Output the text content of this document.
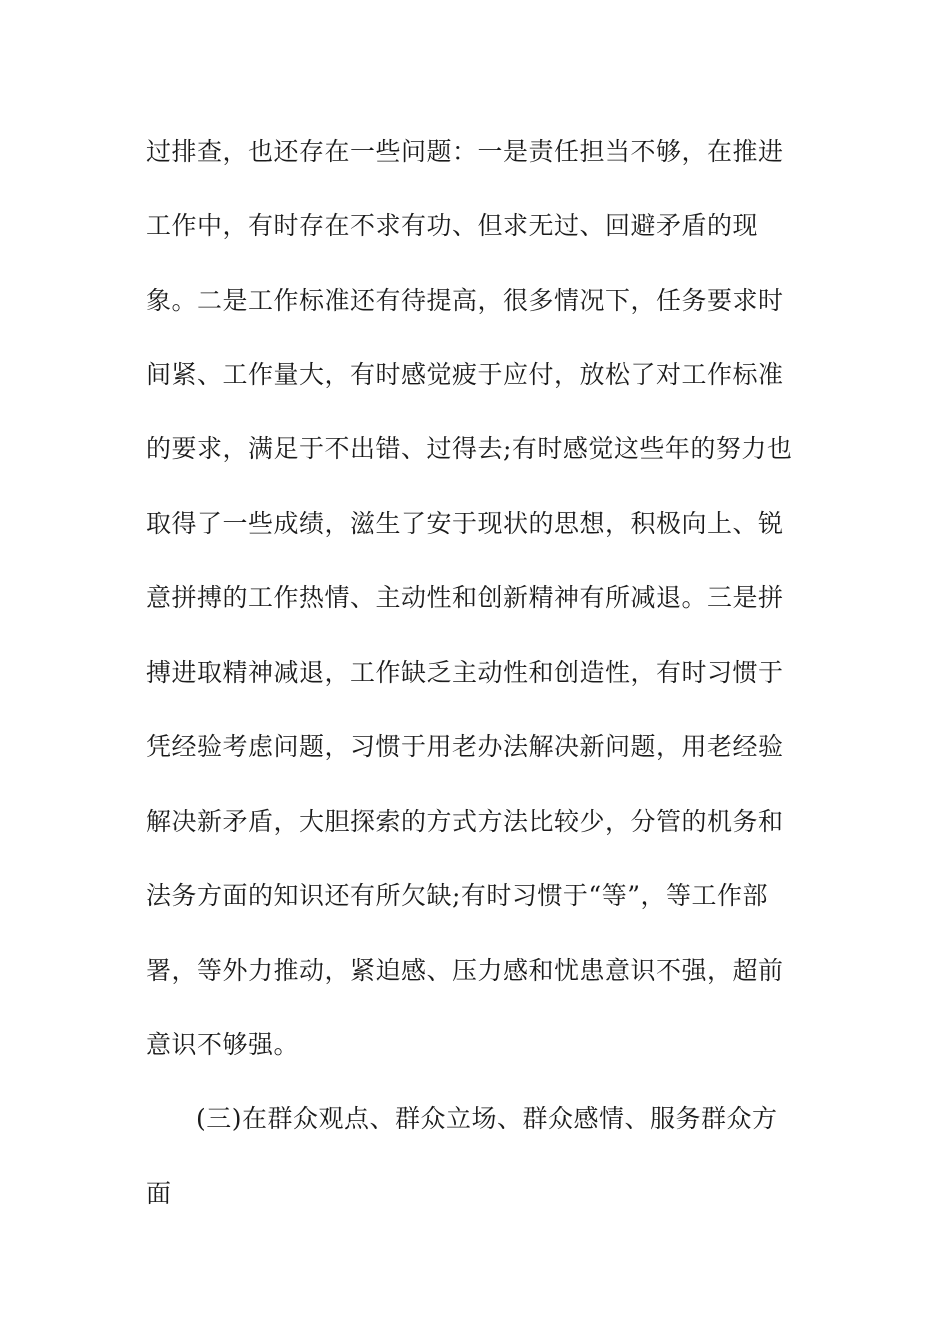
过排查，也还存在一些问题：一是责任担当不够，在推进
工作中，有时存在不求有功、但求无过、回避矛盾的现
象。二是工作标准还有待提高，很多情况下，任务要求时
间紧、工作量大，有时感觉疲于应付，放松了对工作标准
的要求，满足于不出错、过得去;有时感觉这些年的努力也
取得了一些成绩，滋生了安于现状的思想，积极向上、锐
意拼搏的工作热情、主动性和创新精神有所减退。三是拼
搏进取精神减退，工作缺乏主动性和创造性，有时习惯于
凭经验考虑问题，习惯于用老办法解决新问题，用老经验
解决新矛盾，大胆探索的方式方法比较少，分管的机务和
法务方面的知识还有所欠缺;有时习惯于“等”，等工作部
署，等外力推动，紧迫感、压力感和忧患意识不强，超前
意识不够强。
(三)在群众观点、群众立场、群众感情、服务群众方
面
